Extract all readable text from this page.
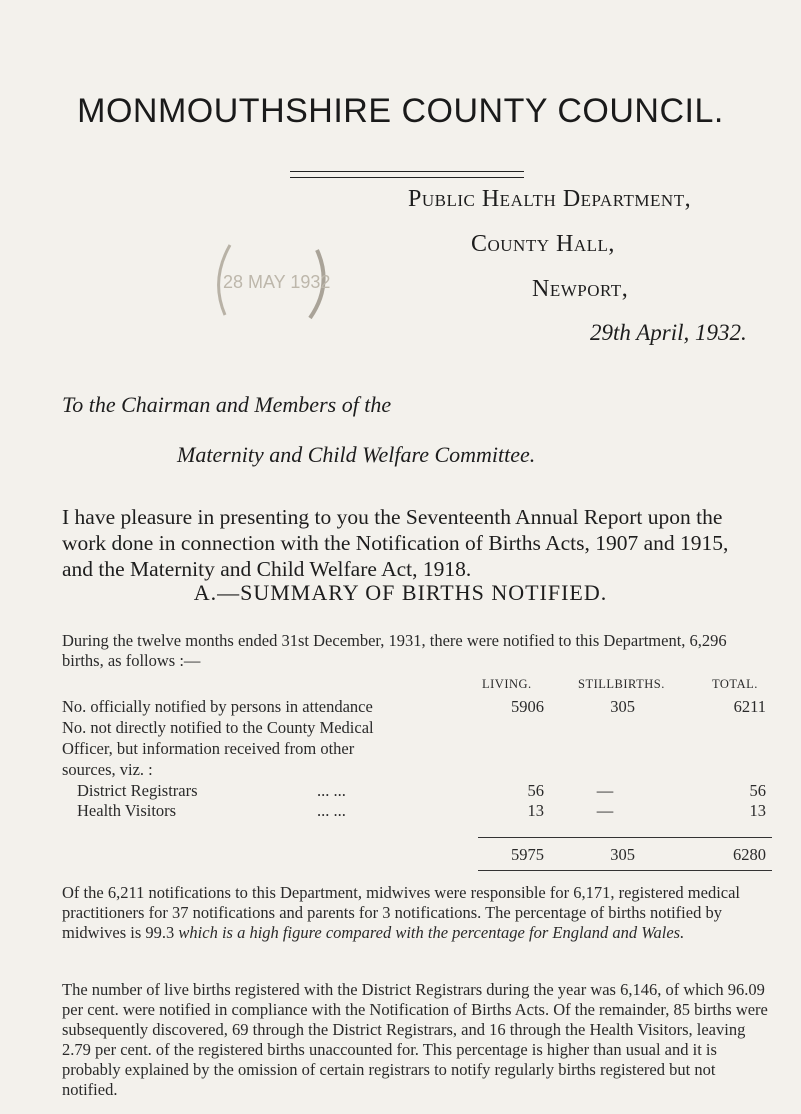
MONMOUTHSHIRE COUNTY COUNCIL.
Public Health Department,
County Hall,
Newport,
29th April, 1932.
28 MAY 1932
To the Chairman and Members of the
Maternity and Child Welfare Committee.
I have pleasure in presenting to you the Seventeenth Annual Report upon the work done in connection with the Notification of Births Acts, 1907 and 1915, and the Maternity and Child Welfare Act, 1918.
A.—SUMMARY OF BIRTHS NOTIFIED.
During the twelve months ended 31st December, 1931, there were notified to this Department, 6,296 births, as follows :—
LIVING.	STILLBIRTHS.	TOTAL.
No. officially notified by persons in attendance	5906	305	6211
No. not directly notified to the County Medical
Officer, but information received from other
sources, viz. :
District Registrars	... ...	56	—	56
Health Visitors	... ...	13	—	13
5975	305	6280
Of the 6,211 notifications to this Department, midwives were responsible for 6,171, registered medical practitioners for 37 notifications and parents for 3 notifications. The percentage of births notified by midwives is 99.3 which is a high figure compared with the percentage for England and Wales.
The number of live births registered with the District Registrars during the year was 6,146, of which 96.09 per cent. were notified in compliance with the Notification of Births Acts. Of the remainder, 85 births were subsequently discovered, 69 through the District Registrars, and 16 through the Health Visitors, leaving 2.79 per cent. of the registered births unaccounted for. This percentage is higher than usual and it is probably explained by the omission of certain registrars to notify regularly births registered but not notified.
